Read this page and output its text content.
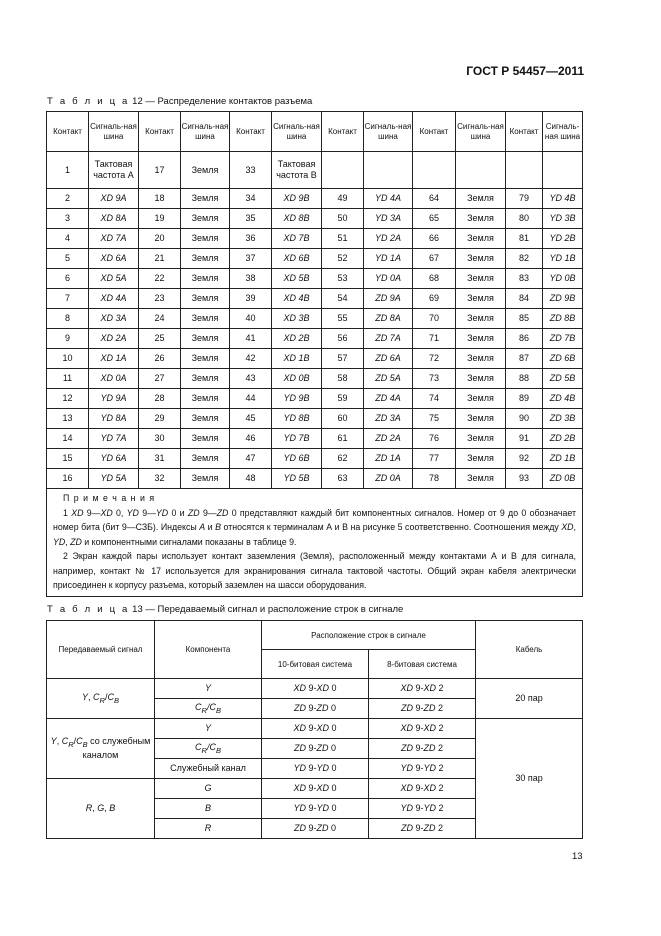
ГОСТ Р 54457—2011
Т а б л и ц а 12 — Распределение контактов разъема
Контакт	Сигналь-ная шина	Контакт	Сигналь-ная шина	Контакт	Сигналь-ная шина	Контакт	Сигналь-ная шина	Контакт	Сигналь-ная шина	Контакт	Сигналь-ная шина
1	Тактовая частота A	17	Земля	33	Тактовая частота B						
2	XD 9A	18	Земля	34	XD 9B	49	YD 4A	64	Земля	79	YD 4B
3	XD 8A	19	Земля	35	XD 8B	50	YD 3A	65	Земля	80	YD 3B
4	XD 7A	20	Земля	36	XD 7B	51	YD 2A	66	Земля	81	YD 2B
5	XD 6A	21	Земля	37	XD 6B	52	YD 1A	67	Земля	82	YD 1B
6	XD 5A	22	Земля	38	XD 5B	53	YD 0A	68	Земля	83	YD 0B
7	XD 4A	23	Земля	39	XD 4B	54	ZD 9A	69	Земля	84	ZD 9B
8	XD 3A	24	Земля	40	XD 3B	55	ZD 8A	70	Земля	85	ZD 8B
9	XD 2A	25	Земля	41	XD 2B	56	ZD 7A	71	Земля	86	ZD 7B
10	XD 1A	26	Земля	42	XD 1B	57	ZD 6A	72	Земля	87	ZD 6B
11	XD 0A	27	Земля	43	XD 0B	58	ZD 5A	73	Земля	88	ZD 5B
12	YD 9A	28	Земля	44	YD 9B	59	ZD 4A	74	Земля	89	ZD 4B
13	YD 8A	29	Земля	45	YD 8B	60	ZD 3A	75	Земля	90	ZD 3B
14	YD 7A	30	Земля	46	YD 7B	61	ZD 2A	76	Земля	91	ZD 2B
15	YD 6A	31	Земля	47	YD 6B	62	ZD 1A	77	Земля	92	ZD 1B
16	YD 5A	32	Земля	48	YD 5B	63	ZD 0A	78	Земля	93	ZD 0B

П р и м е ч а н и я

1 XD 9—XD 0, YD 9—YD 0 и ZD 9—ZD 0 представляют каждый бит компонентных сигналов. Номер от 9 до 0 обозначает номер бита (бит 9—СЗБ). Индексы A и B относятся к терминалам А и В на рисунке 5 соответственно. Соотношения между XD, YD, ZD и компонентными сигналами показаны в таблице 9.

2 Экран каждой пары использует контакт заземления (Земля), расположенный между контактами А и В для сигнала, например, контакт № 17 используется для экранирования сигнала тактовой частоты. Общий экран кабеля электрически присоединен к корпусу разъема, который заземлен на шасси оборудования.											

Т а б л и ц а 13 — Передаваемый сигнал и расположение строк в сигнале
Передаваемый сигнал	Компонента	Расположение строк в сигнале		Кабель
		10-битовая система	8-битовая система	
Y, $C_R/C_B$	Y	XD 9-XD 0	XD 9-XD 2	20 пар
	$C_R/C_B$	ZD 9-ZD 0	ZD 9-ZD 2	
Y, $C_R/C_B$ со служебным каналом	Y	XD 9-XD 0	XD 9-XD 2	30 пар
	$C_R/C_B$	ZD 9-ZD 0	ZD 9-ZD 2	
	Служебный канал	YD 9-YD 0	YD 9-YD 2	
R, G, B	G	XD 9-XD 0	XD 9-XD 2	
	B	YD 9-YD 0	YD 9-YD 2	
	R	ZD 9-ZD 0	ZD 9-ZD 2	
13
